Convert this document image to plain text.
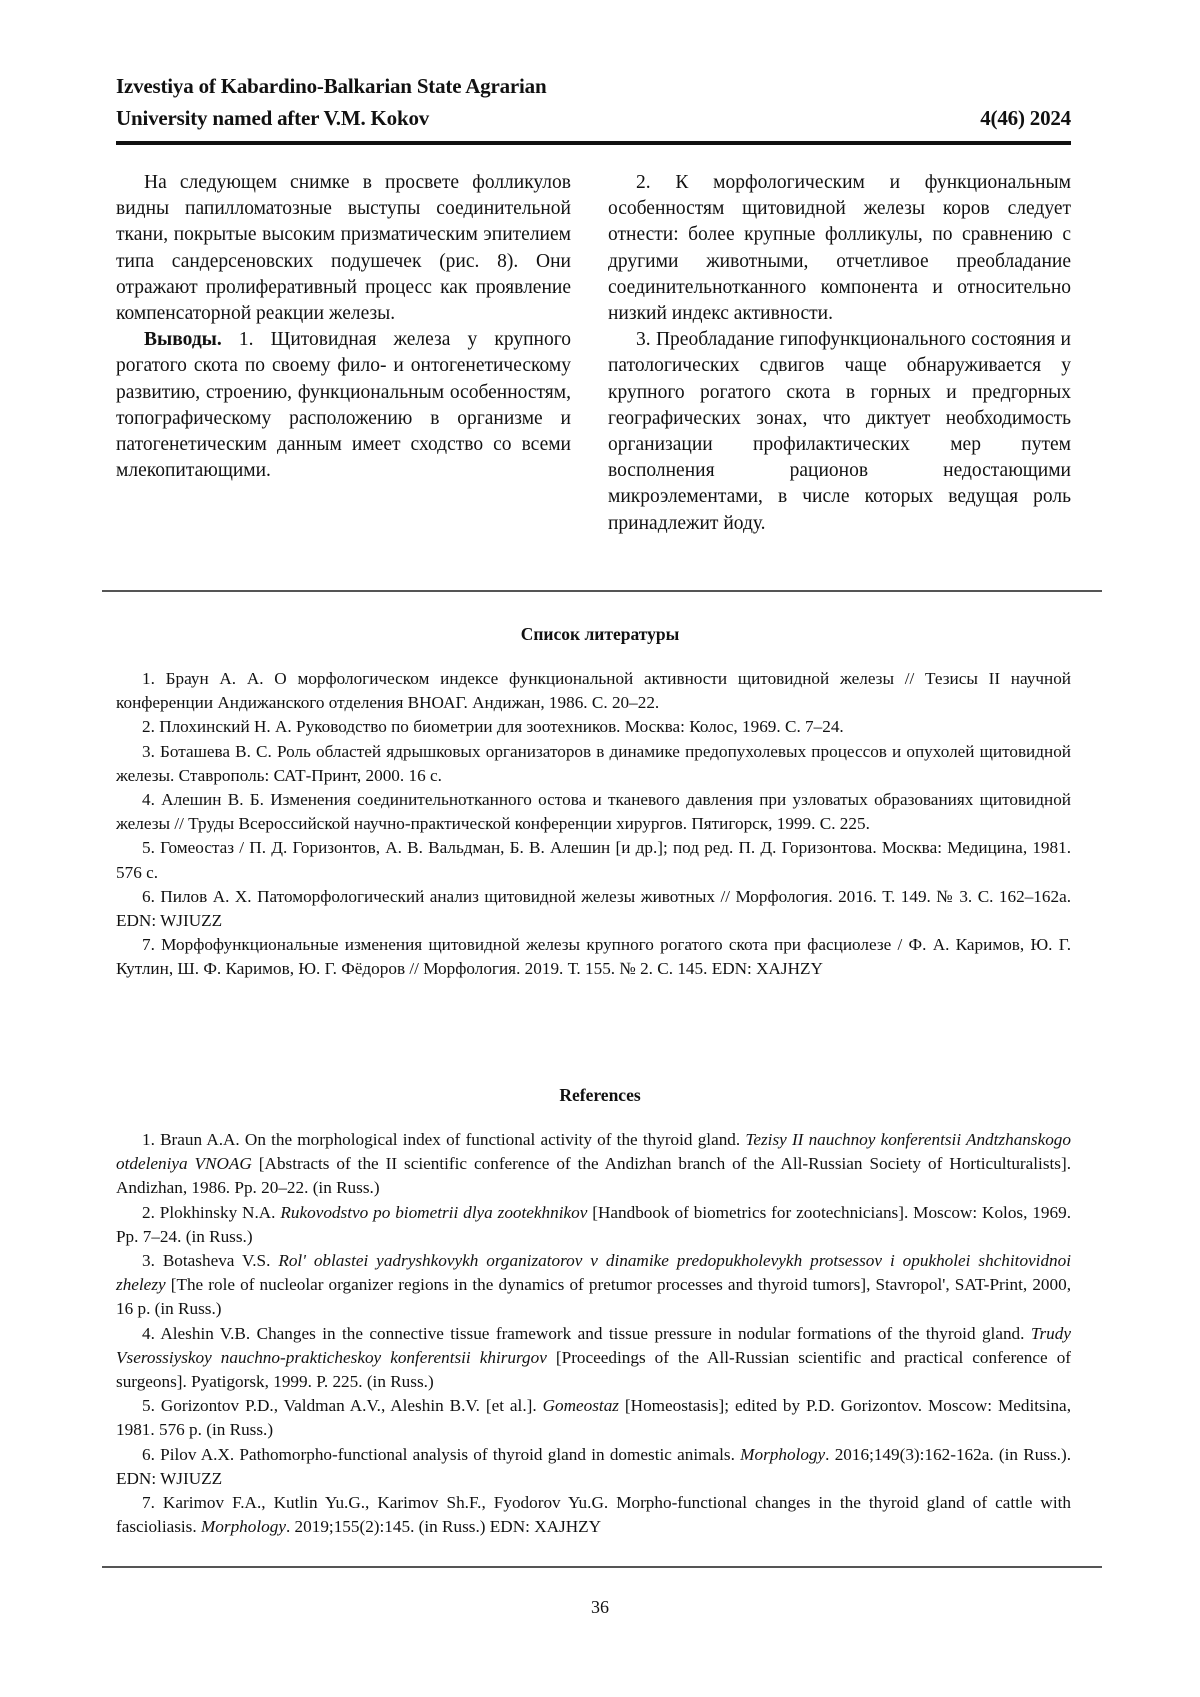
Izvestiya of Kabardino-Balkarian State Agrarian
University named after V.M. Kokov	4(46) 2024

На следующем снимке в просвете фолликулов видны папилломатозные выступы соединительной ткани, покрытые высоким призматическим эпителием типа сандерсеновских подушечек (рис. 8). Они отражают пролиферативный процесс как проявление компенсаторной реакции железы.

Выводы. 1. Щитовидная железа у крупного рогатого скота по своему фило- и онтогенетическому развитию, строению, функциональным особенностям, топографическому расположению в организме и патогенетическим данным имеет сходство со всеми млекопитающими.

2. К морфологическим и функциональным особенностям щитовидной железы коров следует отнести: более крупные фолликулы, по сравнению с другими животными, отчетливое преобладание соединительнотканного компонента и относительно низкий индекс активности.

3. Преобладание гипофункционального состояния и патологических сдвигов чаще обнаруживается у крупного рогатого скота в горных и предгорных географических зонах, что диктует необходимость организации профилактических мер путем восполнения рационов недостающими микроэлементами, в числе которых ведущая роль принадлежит йоду.

Список литературы

1. Браун А. А. О морфологическом индексе функциональной активности щитовидной железы // Тезисы II научной конференции Андижанского отделения ВНОАГ. Андижан, 1986. С. 20–22.

2. Плохинский Н. А. Руководство по биометрии для зоотехников. Москва: Колос, 1969. С. 7–24.

3. Боташева В. С. Роль областей ядрышковых организаторов в динамике предопухолевых процессов и опухолей щитовидной железы. Ставрополь: САТ-Принт, 2000. 16 с.

4. Алешин В. Б. Изменения соединительнотканного остова и тканевого давления при узловатых образованиях щитовидной железы // Труды Всероссийской научно-практической конференции хирургов. Пятигорск, 1999. С. 225.

5. Гомеостаз / П. Д. Горизонтов, А. В. Вальдман, Б. В. Алешин [и др.]; под ред. П. Д. Горизонтова. Москва: Медицина, 1981. 576 с.

6. Пилов А. Х. Патоморфологический анализ щитовидной железы животных // Морфология. 2016. Т. 149. № 3. С. 162–162а. EDN: WJIUZZ

7. Морфофункциональные изменения щитовидной железы крупного рогатого скота при фасциолезе / Ф. А. Каримов, Ю. Г. Кутлин, Ш. Ф. Каримов, Ю. Г. Фёдоров // Морфология. 2019. Т. 155. № 2. С. 145. EDN: XAJHZY

References

1. Braun A.A. On the morphological index of functional activity of the thyroid gland. Tezisy II nauchnoy konferentsii Andtzhanskogo otdeleniya VNOAG [Abstracts of the II scientific conference of the Andizhan branch of the All-Russian Society of Horticulturalists]. Andizhan, 1986. Pp. 20–22. (in Russ.)

2. Plokhinsky N.A. Rukovodstvo po biometrii dlya zootekhnikov [Handbook of biometrics for zootechnicians]. Moscow: Kolos, 1969. Pp. 7–24. (in Russ.)

3. Botasheva V.S. Rol' oblastei yadryshkovykh organizatorov v dinamike predopukholevykh protsessov i opukholei shchitovidnoi zhelezy [The role of nucleolar organizer regions in the dynamics of pretumor processes and thyroid tumors], Stavropol', SAT-Print, 2000, 16 p. (in Russ.)

4. Aleshin V.B. Changes in the connective tissue framework and tissue pressure in nodular formations of the thyroid gland. Trudy Vserossiyskoy nauchno-prakticheskoy konferentsii khirurgov [Proceedings of the All-Russian scientific and practical conference of surgeons]. Pyatigorsk, 1999. P. 225. (in Russ.)

5. Gorizontov P.D., Valdman A.V., Aleshin B.V. [et al.]. Gomeostaz [Homeostasis]; edited by P.D. Gorizontov. Moscow: Meditsina, 1981. 576 p. (in Russ.)

6. Pilov A.X. Pathomorpho-functional analysis of thyroid gland in domestic animals. Morphology. 2016;149(3):162-162a. (in Russ.). EDN: WJIUZZ

7. Karimov F.A., Kutlin Yu.G., Karimov Sh.F., Fyodorov Yu.G. Morpho-functional changes in the thyroid gland of cattle with fascioliasis. Morphology. 2019;155(2):145. (in Russ.) EDN: XAJHZY

36
